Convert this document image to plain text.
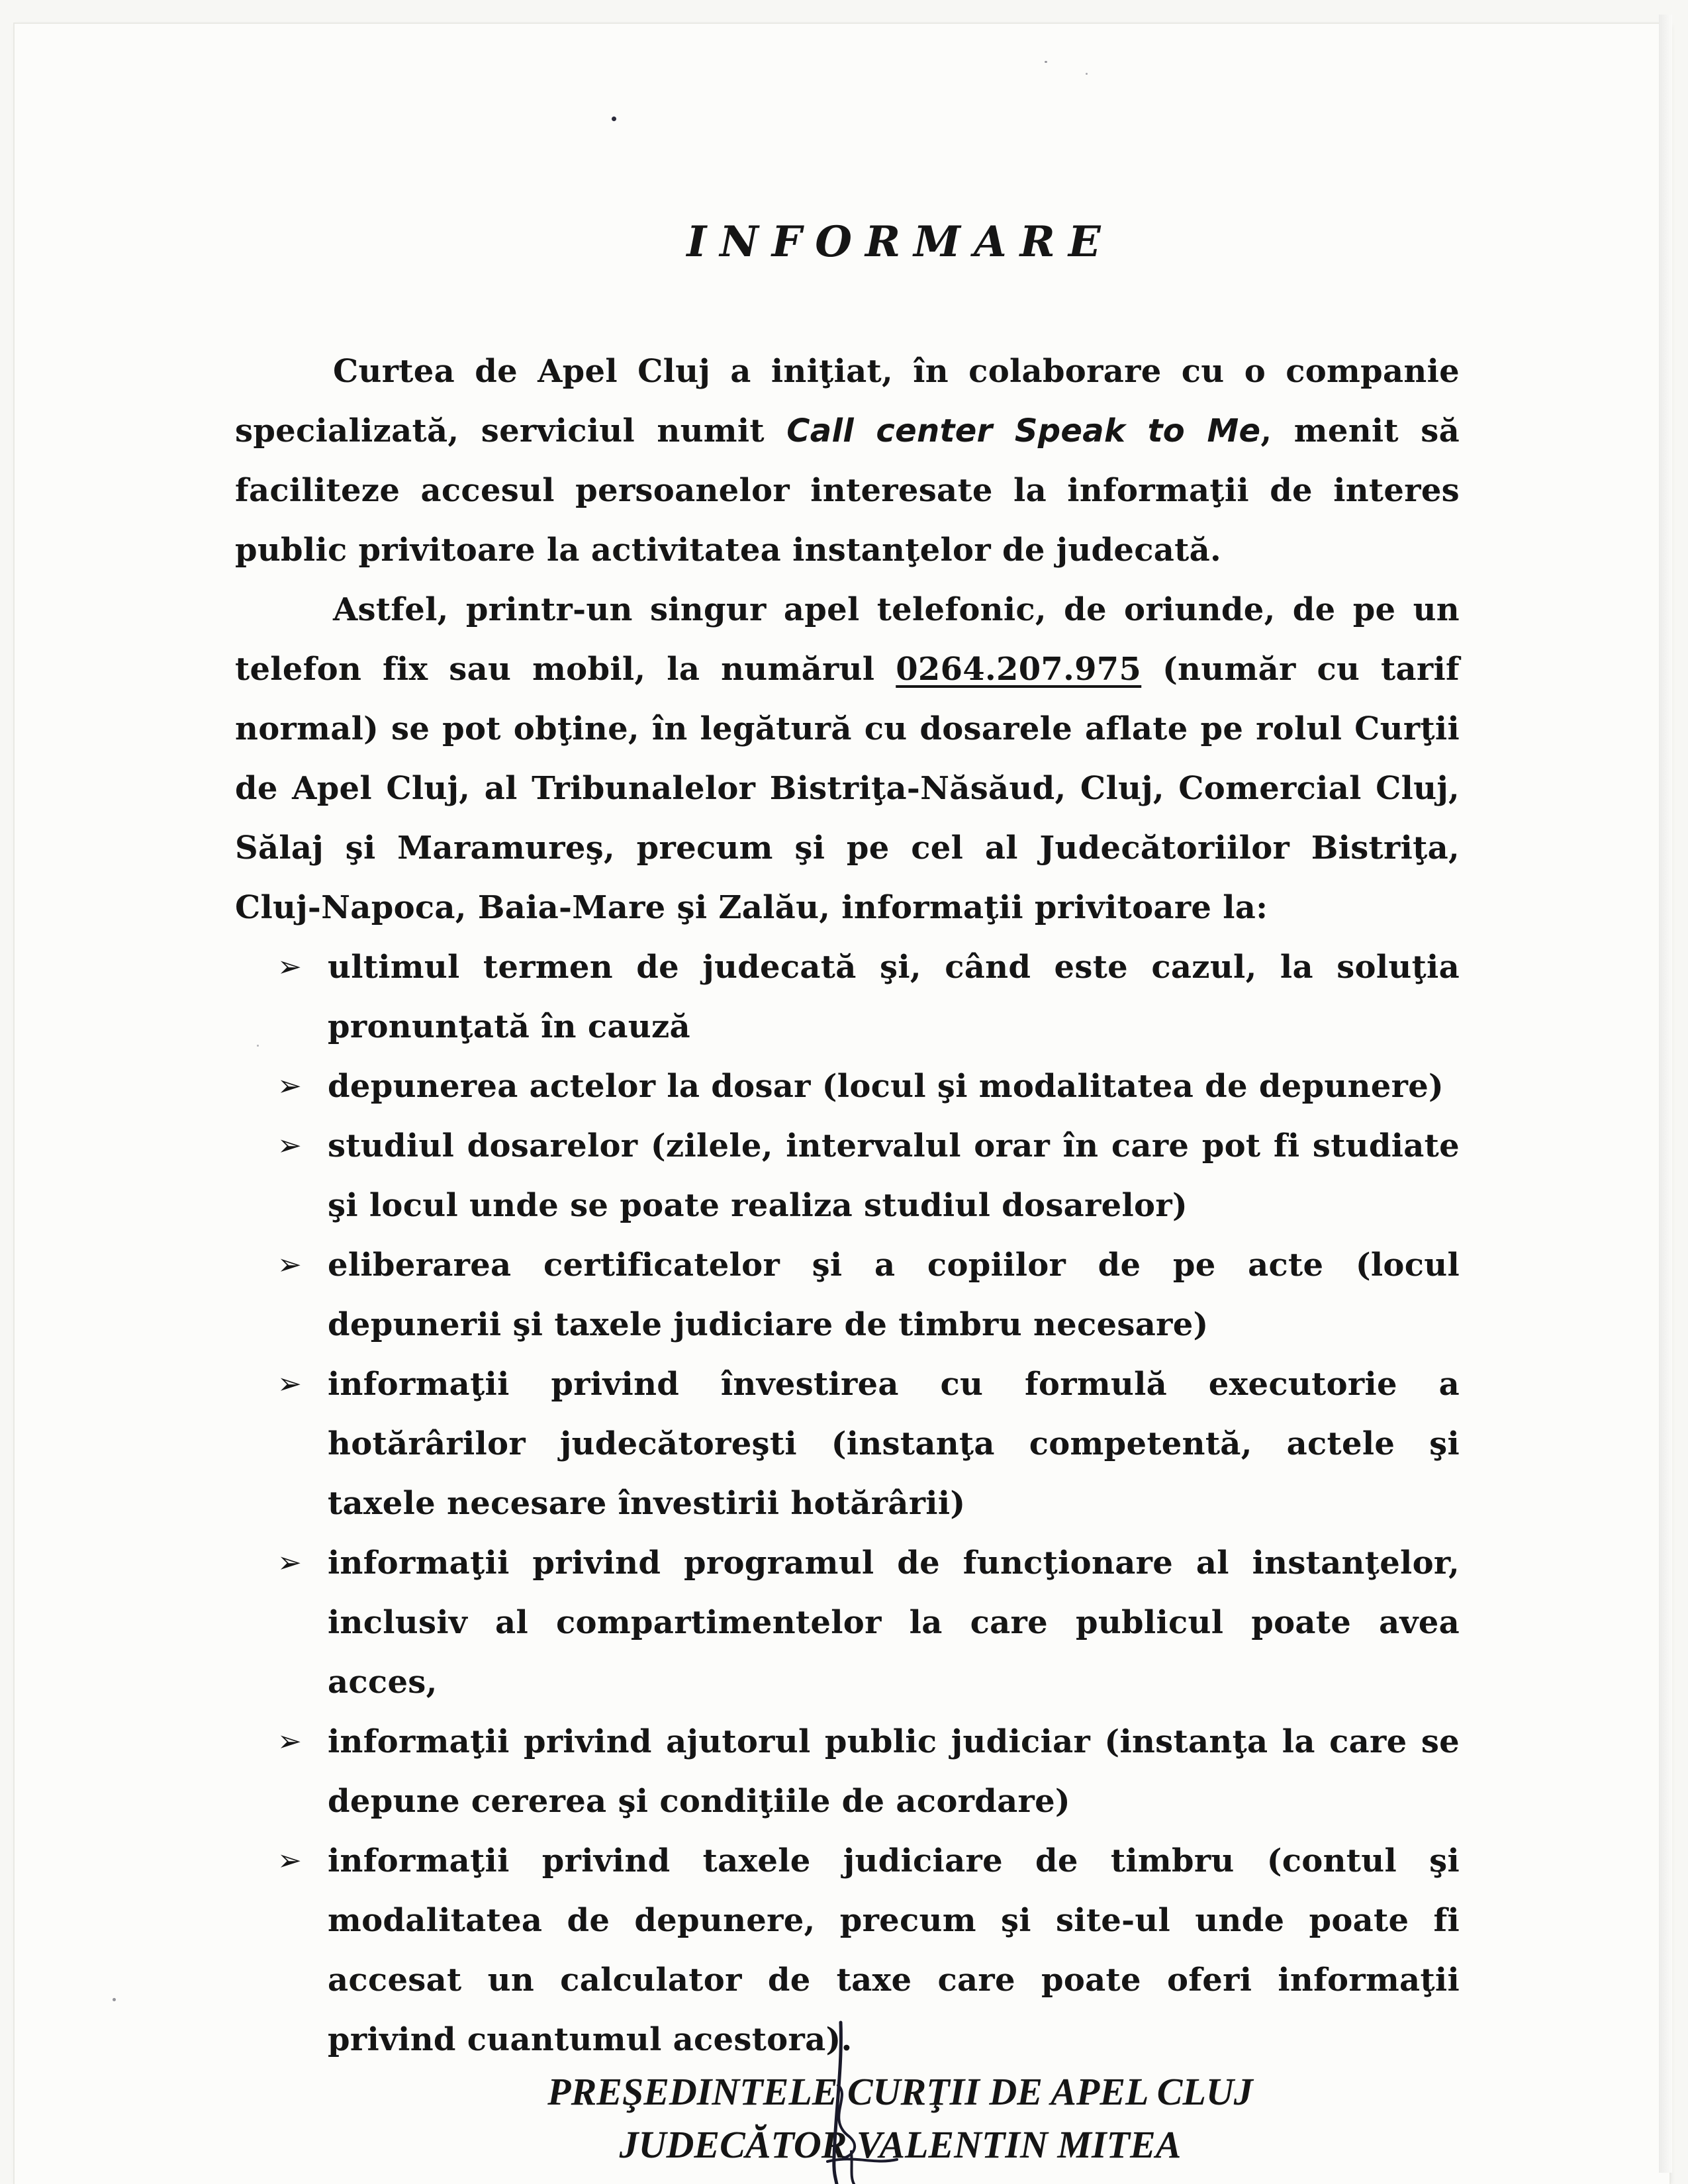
INFORMARE

Curtea de Apel Cluj a iniţiat, în colaborare cu o companie specializată, serviciul numit Call center Speak to Me, menit să faciliteze accesul persoanelor interesate la informaţii de interes public privitoare la activitatea instanţelor de judecată.

Astfel, printr-un singur apel telefonic, de oriunde, de pe un telefon fix sau mobil, la numărul 0264.207.975 (număr cu tarif normal) se pot obţine, în legătură cu dosarele aflate pe rolul Curţii de Apel Cluj, al Tribunalelor Bistriţa-Năsăud, Cluj, Comercial Cluj, Sălaj şi Maramureş, precum şi pe cel al Judecătoriilor Bistriţa, Cluj-Napoca, Baia-Mare şi Zalău, informaţii privitoare la:

➢ ultimul termen de judecată şi, când este cazul, la soluţia pronunţată în cauză
➢ depunerea actelor la dosar (locul şi modalitatea de depunere)
➢ studiul dosarelor (zilele, intervalul orar în care pot fi studiate şi locul unde se poate realiza studiul dosarelor)
➢ eliberarea certificatelor şi a copiilor de pe acte (locul depunerii şi taxele judiciare de timbru necesare)
➢ informaţii privind învestirea cu formulă executorie a hotărârilor judecătoreşti (instanţa competentă, actele şi taxele necesare învestirii hotărârii)
➢ informaţii privind programul de funcţionare al instanţelor, inclusiv al compartimentelor la care publicul poate avea acces,
➢ informaţii privind ajutorul public judiciar (instanţa la care se depune cererea şi condiţiile de acordare)
➢ informaţii privind taxele judiciare de timbru (contul şi modalitatea de depunere, precum şi site-ul unde poate fi accesat un calculator de taxe care poate oferi informaţii privind cuantumul acestora).
PREŞEDINTELE CURŢII DE APEL CLUJ
JUDECĂTOR VALENTIN MITEA
